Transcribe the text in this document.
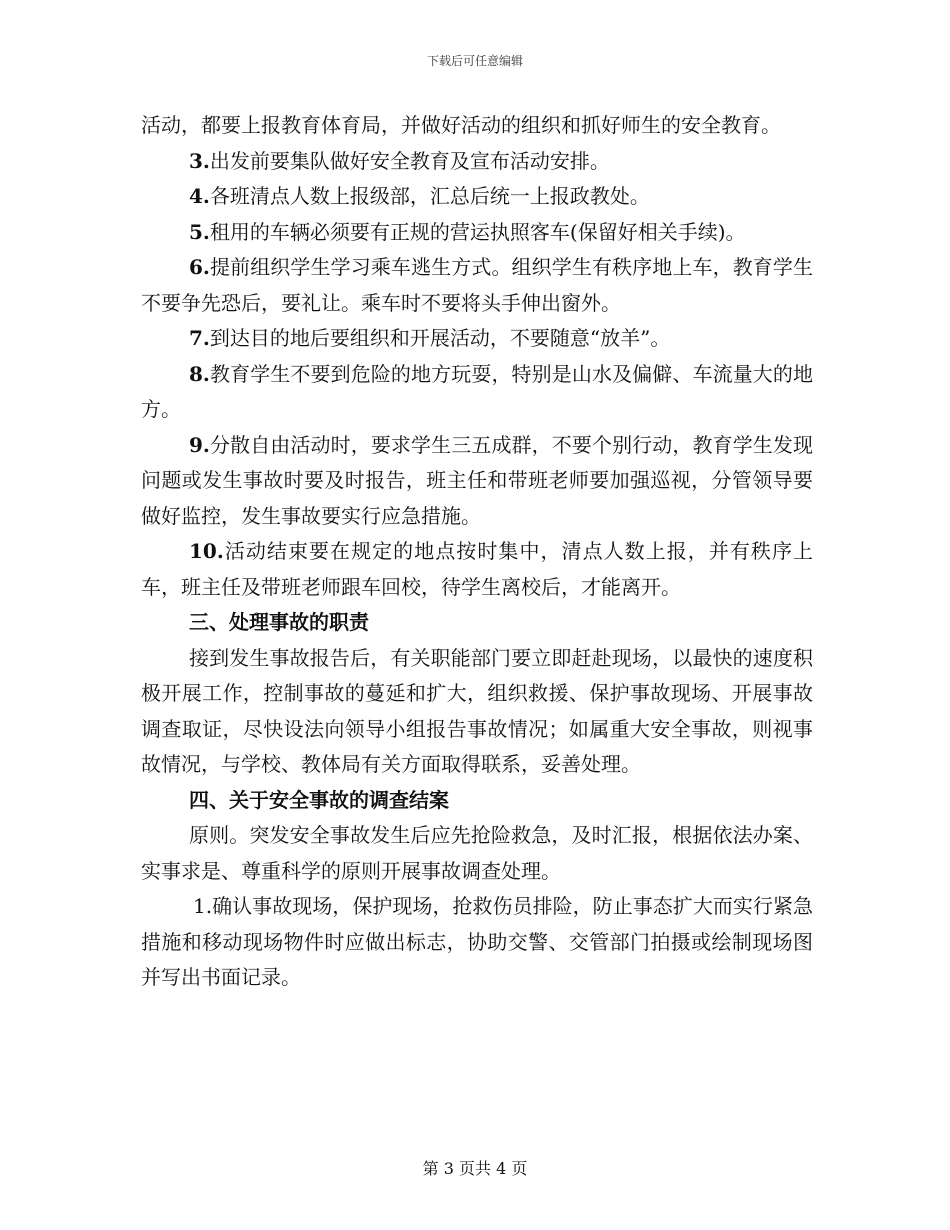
下载后可任意编辑

活动，都要上报教育体育局，并做好活动的组织和抓好师生的安全教育。

3.出发前要集队做好安全教育及宣布活动安排。

4.各班清点人数上报级部，汇总后统一上报政教处。

5.租用的车辆必须要有正规的营运执照客车(保留好相关手续)。

6.提前组织学生学习乘车逃生方式。组织学生有秩序地上车，教育学生不要争先恐后，要礼让。乘车时不要将头手伸出窗外。

7.到达目的地后要组织和开展活动，不要随意“放羊”。

8.教育学生不要到危险的地方玩耍，特别是山水及偏僻、车流量大的地方。

9.分散自由活动时，要求学生三五成群，不要个别行动，教育学生发现问题或发生事故时要及时报告，班主任和带班老师要加强巡视，分管领导要做好监控，发生事故要实行应急措施。

10.活动结束要在规定的地点按时集中，清点人数上报，并有秩序上车，班主任及带班老师跟车回校，待学生离校后，才能离开。

三、处理事故的职责

接到发生事故报告后，有关职能部门要立即赶赴现场，以最快的速度积极开展工作，控制事故的蔓延和扩大，组织救援、保护事故现场、开展事故调查取证，尽快设法向领导小组报告事故情况；如属重大安全事故，则视事故情况，与学校、教体局有关方面取得联系，妥善处理。

四、关于安全事故的调查结案

原则。突发安全事故发生后应先抢险救急，及时汇报，根据依法办案、实事求是、尊重科学的原则开展事故调查处理。

1.确认事故现场，保护现场，抢救伤员排险，防止事态扩大而实行紧急措施和移动现场物件时应做出标志，协助交警、交管部门拍摄或绘制现场图并写出书面记录。

第 3 页共 4 页
